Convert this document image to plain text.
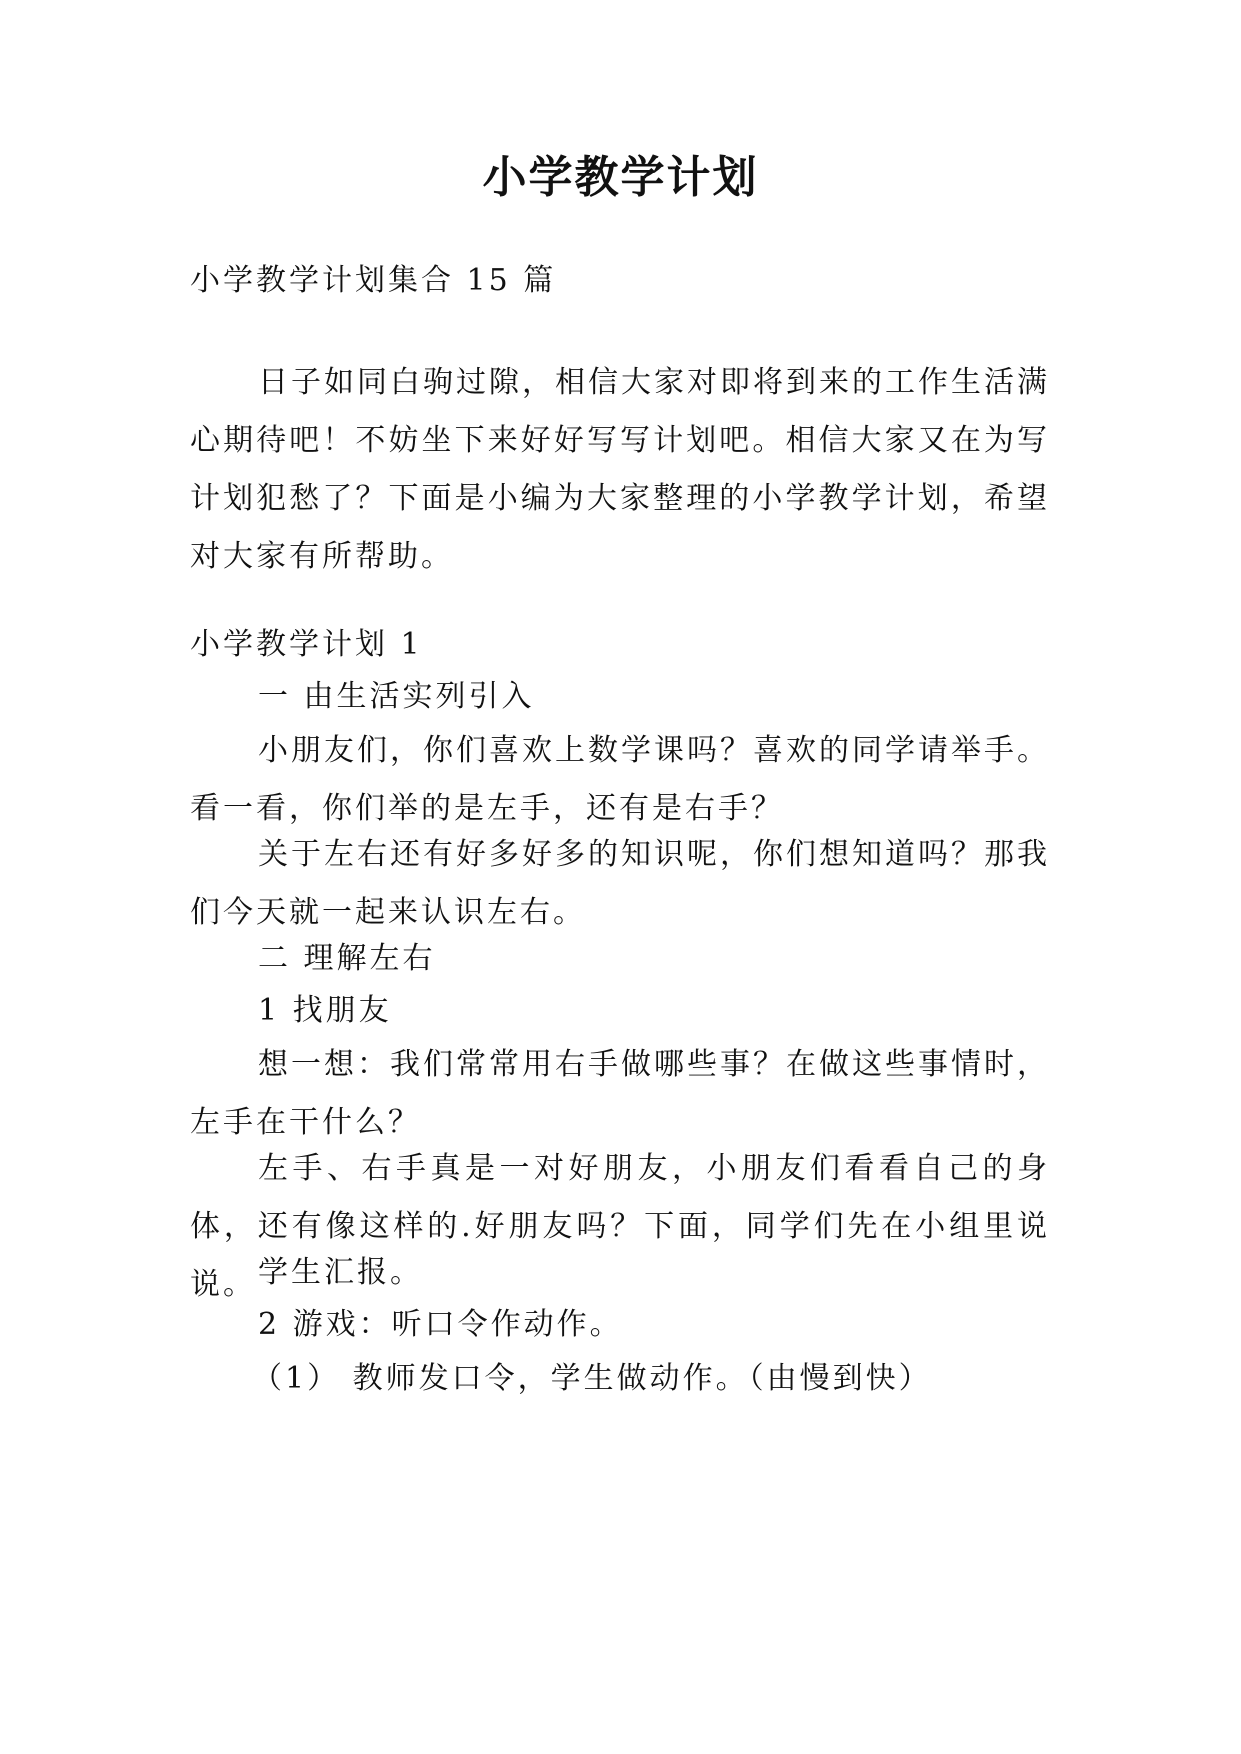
小学教学计划

小学教学计划集合 15 篇

日子如同白驹过隙，相信大家对即将到来的工作生活满心期待吧！不妨坐下来好好写写计划吧。相信大家又在为写计划犯愁了？下面是小编为大家整理的小学教学计划，希望对大家有所帮助。

小学教学计划 1

一 由生活实列引入

小朋友们，你们喜欢上数学课吗？喜欢的同学请举手。看一看，你们举的是左手，还有是右手？

关于左右还有好多好多的知识呢，你们想知道吗？那我们今天就一起来认识左右。

二 理解左右

1 找朋友

想一想：我们常常用右手做哪些事？在做这些事情时，左手在干什么？

左手、右手真是一对好朋友，小朋友们看看自己的身体，还有像这样的.好朋友吗？下面，同学们先在小组里说说。 学生汇报。

2 游戏：听口令作动作。

（1） 教师发口令，学生做动作。（由慢到快）
